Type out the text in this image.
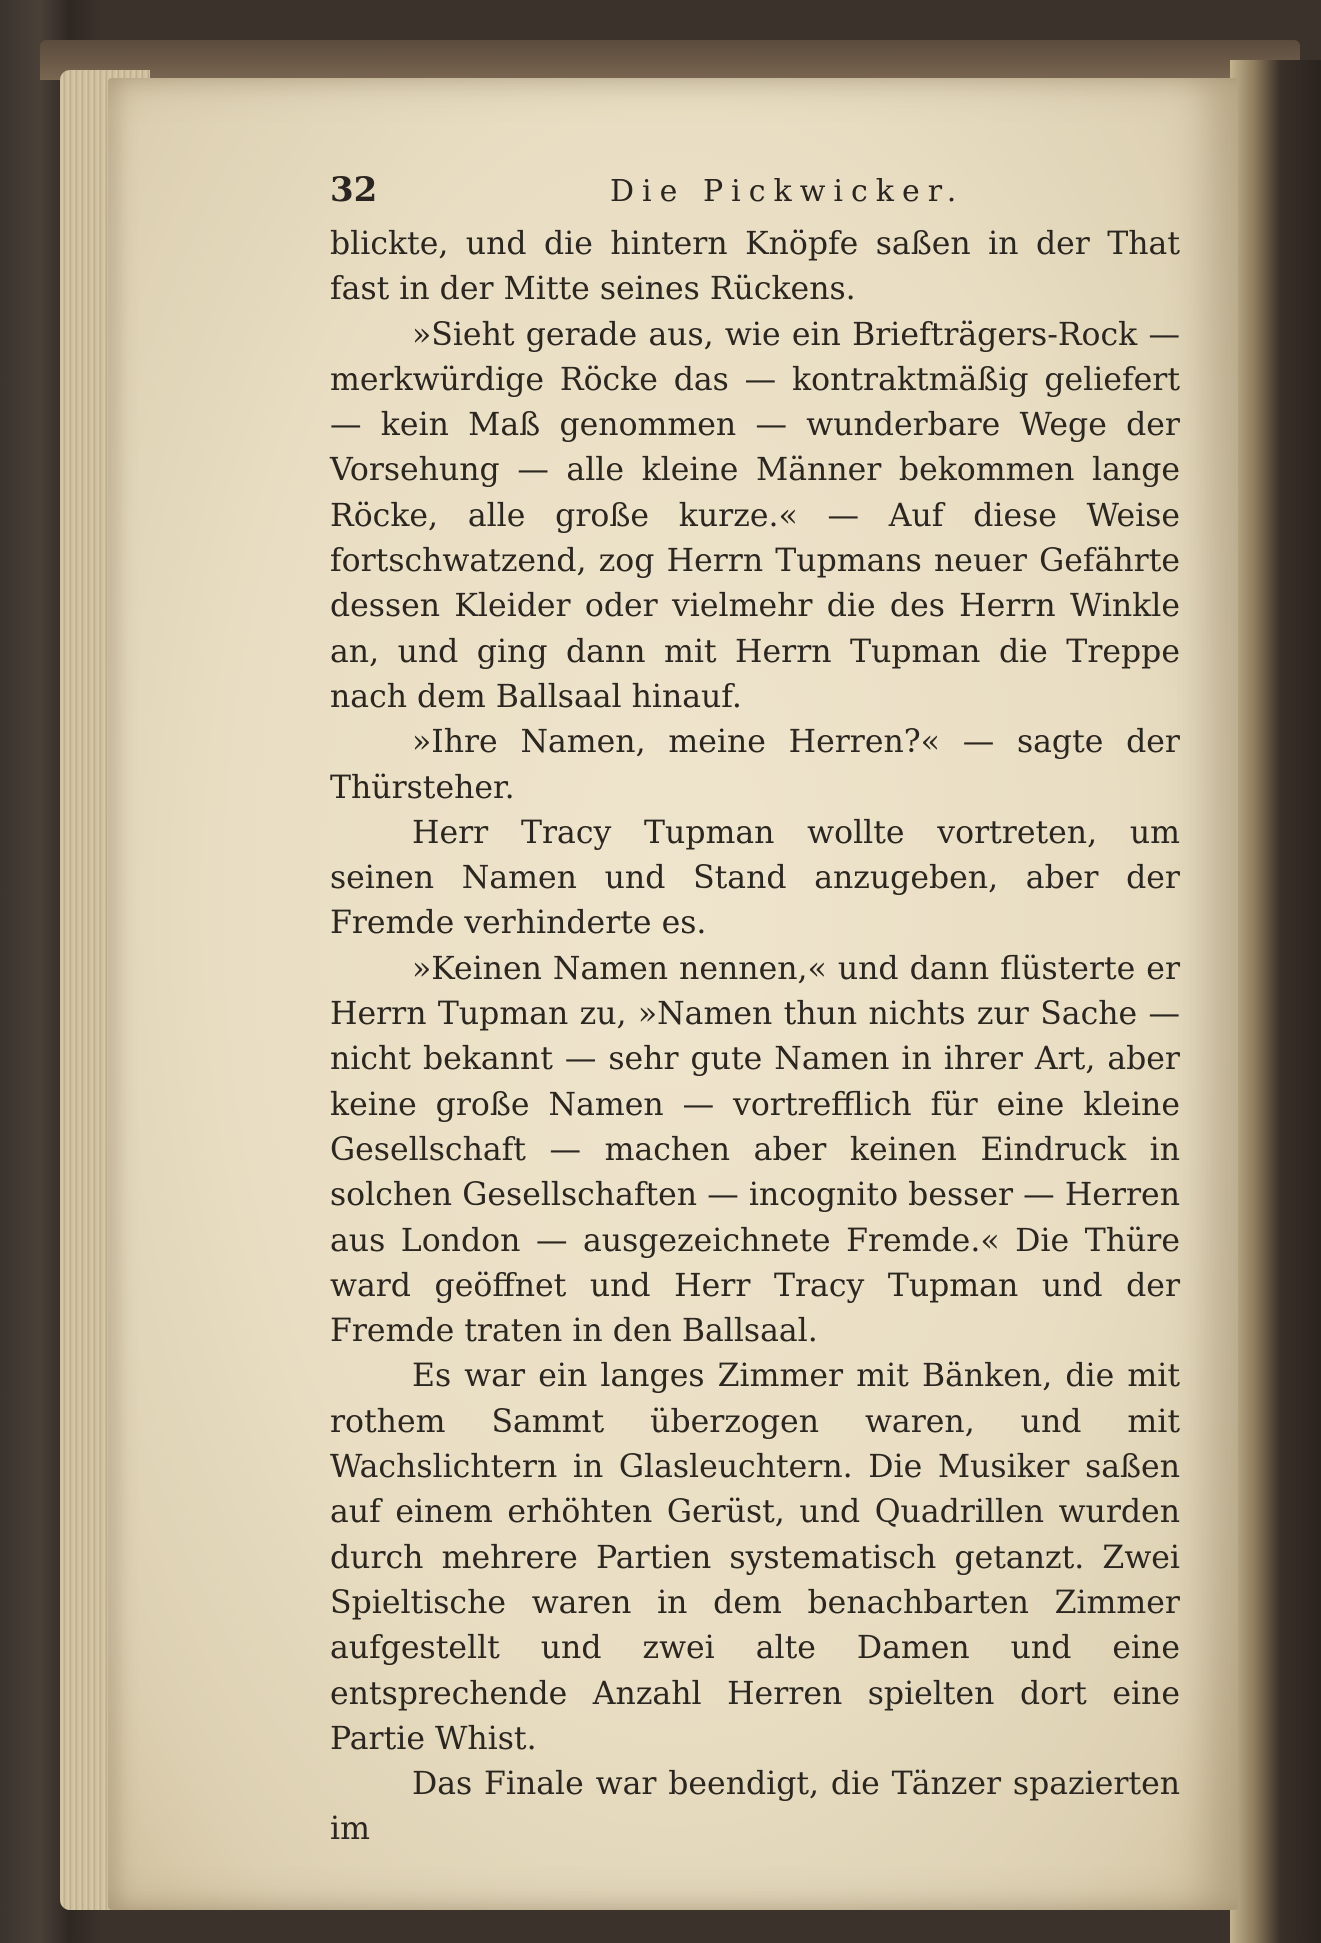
32	Die Pickwicker.

blickte, und die hintern Knöpfe saßen in der That fast in der Mitte seines Rückens.

»Sieht gerade aus, wie ein Briefträgers-Rock — merkwürdige Röcke das — kontraktmäßig geliefert — kein Maß genommen — wunderbare Wege der Vorsehung — alle kleine Männer bekommen lange Röcke, alle große kurze.« — Auf diese Weise fortschwatzend, zog Herrn Tupmans neuer Gefährte dessen Kleider oder vielmehr die des Herrn Winkle an, und ging dann mit Herrn Tupman die Treppe nach dem Ballsaal hinauf.

»Ihre Namen, meine Herren?« — sagte der Thürsteher.

Herr Tracy Tupman wollte vortreten, um seinen Namen und Stand anzugeben, aber der Fremde verhinderte es.

»Keinen Namen nennen,« und dann flüsterte er Herrn Tupman zu, »Namen thun nichts zur Sache — nicht bekannt — sehr gute Namen in ihrer Art, aber keine große Namen — vortrefflich für eine kleine Gesellschaft — machen aber keinen Eindruck in solchen Gesellschaften — incognito besser — Herren aus London — ausgezeichnete Fremde.« Die Thüre ward geöffnet und Herr Tracy Tupman und der Fremde traten in den Ballsaal.

Es war ein langes Zimmer mit Bänken, die mit rothem Sammt überzogen waren, und mit Wachslichtern in Glasleuchtern. Die Musiker saßen auf einem erhöhten Gerüst, und Quadrillen wurden durch mehrere Partien systematisch getanzt. Zwei Spieltische waren in dem benachbarten Zimmer aufgestellt und zwei alte Damen und eine entsprechende Anzahl Herren spielten dort eine Partie Whist.

Das Finale war beendigt, die Tänzer spazierten im
